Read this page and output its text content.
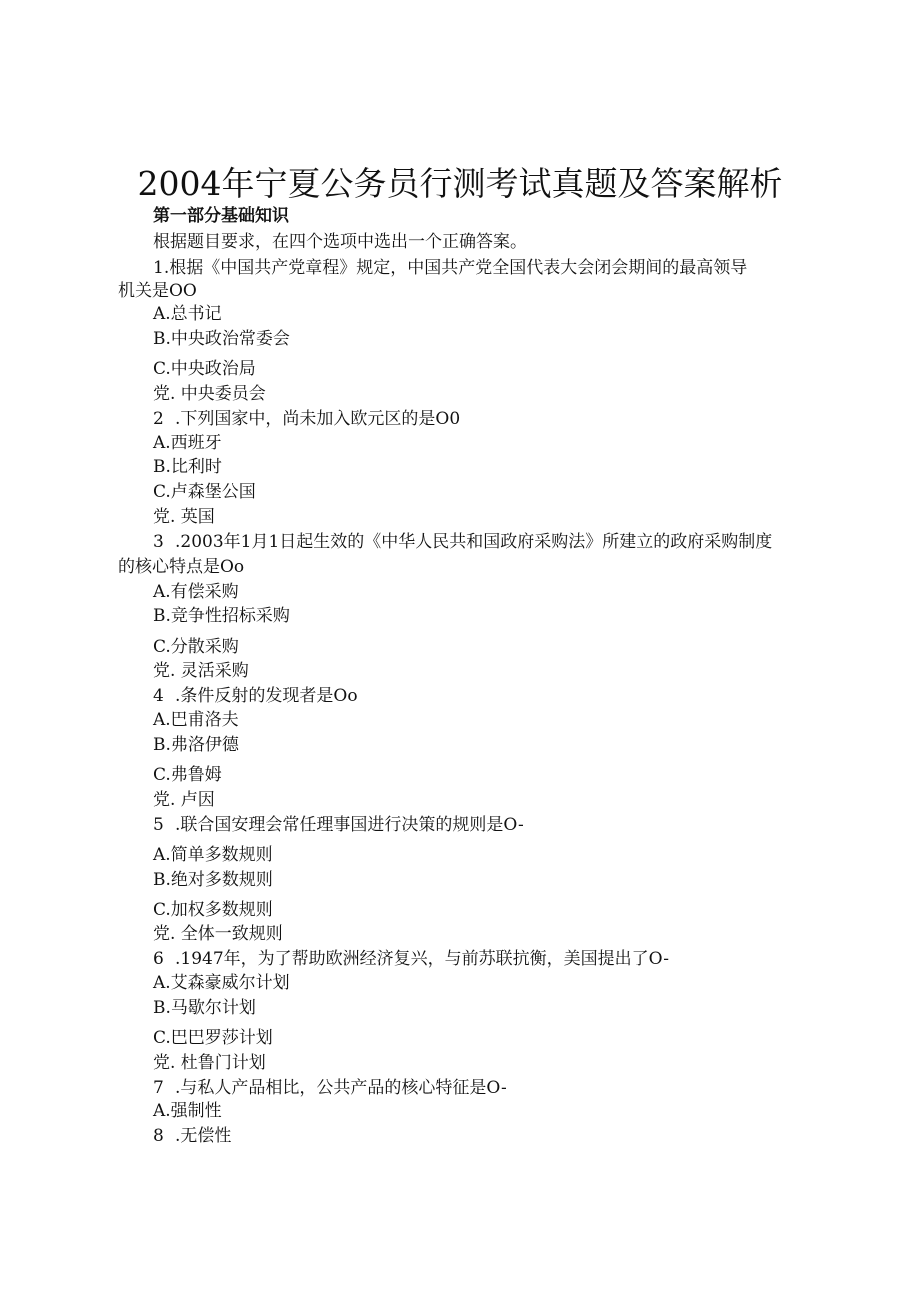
2004年宁夏公务员行测考试真题及答案解析
第一部分基础知识
根据题目要求，在四个选项中选出一个正确答案。
1.根据《中国共产党章程》规定，中国共产党全国代表大会闭会期间的最高领导
机关是OO
A.总书记
B.中央政治常委会
C.中央政治局
党. 中央委员会
2 .下列国家中，尚未加入欧元区的是O0
A.西班牙
B.比利时
C.卢森堡公国
党. 英国
3 .2003年1月1日起生效的《中华人民共和国政府采购法》所建立的政府采购制度
的核心特点是Oo
A.有偿采购
B.竞争性招标采购
C.分散采购
党. 灵活采购
4 .条件反射的发现者是Oo
A.巴甫洛夫
B.弗洛伊德
C.弗鲁姆
党. 卢因
5 .联合国安理会常任理事国进行决策的规则是O-
A.简单多数规则
B.绝对多数规则
C.加权多数规则
党. 全体一致规则
6 .1947年，为了帮助欧洲经济复兴，与前苏联抗衡，美国提出了O-
A.艾森豪威尔计划
B.马歇尔计划
C.巴巴罗莎计划
党. 杜鲁门计划
7 .与私人产品相比，公共产品的核心特征是O-
A.强制性
8 .无偿性
